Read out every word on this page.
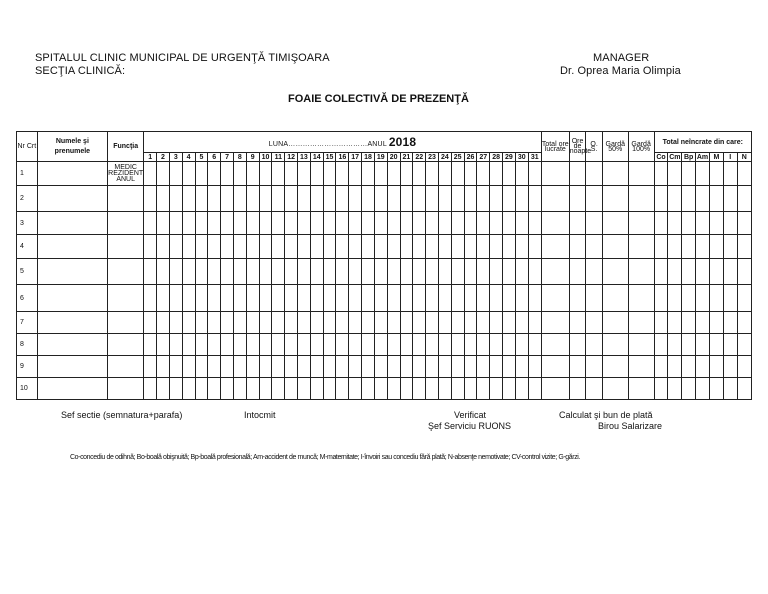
SPITALUL CLINIC MUNICIPAL DE URGENŢĂ TIMIŞOARA
SECŢIA CLINICĂ:
MANAGER
Dr. Oprea Maria Olimpia
FOAIE COLECTIVĂ DE PREZENŢĂ
Nr Crt	Numele şi prenumele	Funcţia	LUNA……………………………ANUL 2018																															Total ore lucrate	Ore de noapte	O. S.	Gardă 50%	Gardă 100%	Total neîncrate din care:						
			1	2	3	4	5	6	7	8	9	10	11	12	13	14	15	16	17	18	19	20	21	22	23	24	25	26	27	28	29	30	31						Co	Cm	Bp	Am	M	I	N
1		MEDIC REZIDENT ANUL																																											
2																																													
3																																													
4																																													
5																																													
6																																													
7																																													
8																																													
9																																													
10																																													
Sef sectie (semnatura+parafa)	Intocmit	Verificat
Şef Serviciu RUONS
Calculat şi bun de plată
Birou Salarizare
Co-concediu de odihnă; Bo-boală obişnuită; Bp-boală profesională; Am-accident de muncă; M-maternitate; I-învoiri sau concediu fără plată; N-absenţe nemotivate; CV-control vizite; G-gărzi.
